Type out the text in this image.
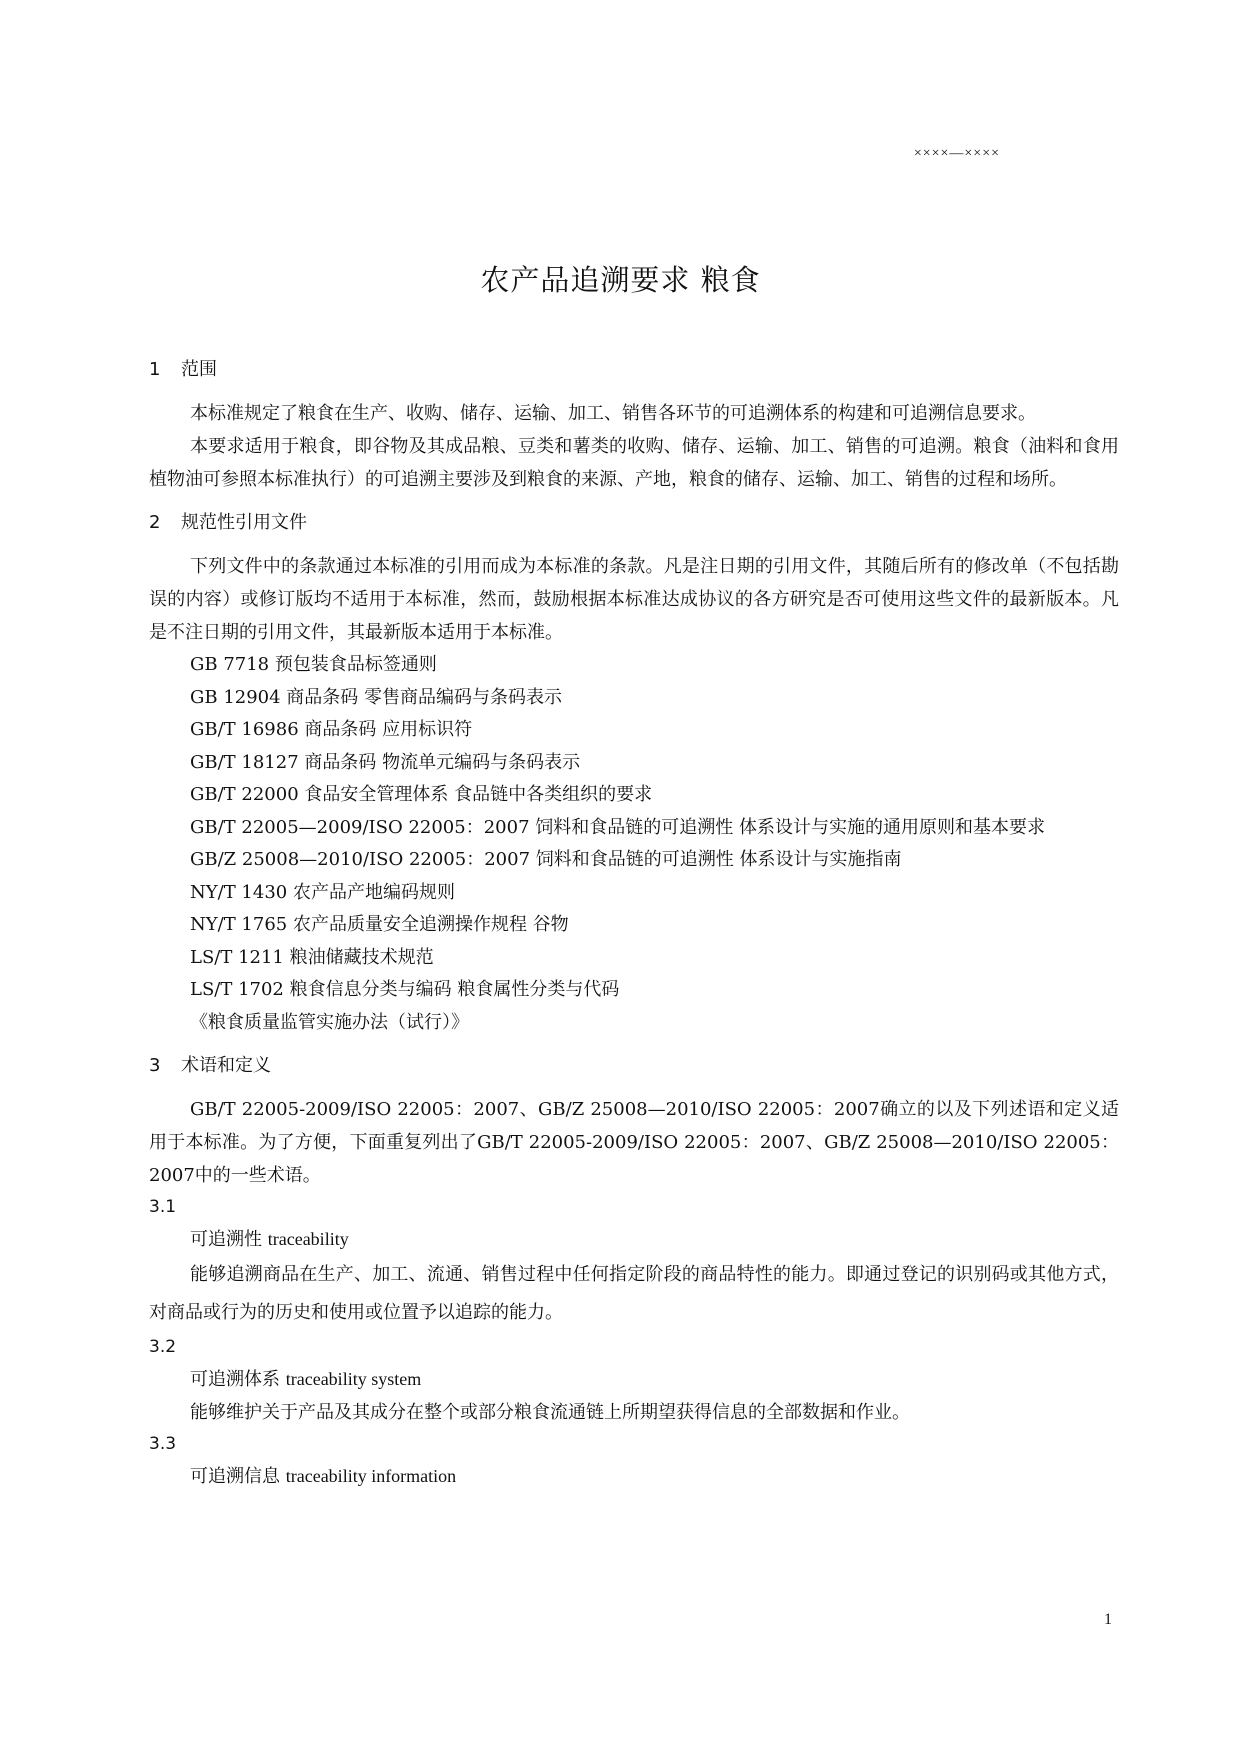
××××—××××
农产品追溯要求 粮食

1 范围

本标准规定了粮食在生产、收购、储存、运输、加工、销售各环节的可追溯体系的构建和可追溯信息要求。

本要求适用于粮食，即谷物及其成品粮、豆类和薯类的收购、储存、运输、加工、销售的可追溯。粮食（油料和食用植物油可参照本标准执行）的可追溯主要涉及到粮食的来源、产地，粮食的储存、运输、加工、销售的过程和场所。

2 规范性引用文件

下列文件中的条款通过本标准的引用而成为本标准的条款。凡是注日期的引用文件，其随后所有的修改单（不包括勘误的内容）或修订版均不适用于本标准，然而，鼓励根据本标准达成协议的各方研究是否可使用这些文件的最新版本。凡是不注日期的引用文件，其最新版本适用于本标准。

GB 7718 预包装食品标签通则
GB 12904 商品条码 零售商品编码与条码表示
GB/T 16986 商品条码 应用标识符
GB/T 18127 商品条码 物流单元编码与条码表示
GB/T 22000 食品安全管理体系 食品链中各类组织的要求
GB/T 22005—2009/ISO 22005：2007 饲料和食品链的可追溯性 体系设计与实施的通用原则和基本要求
GB/Z 25008—2010/ISO 22005：2007 饲料和食品链的可追溯性 体系设计与实施指南
NY/T 1430 农产品产地编码规则
NY/T 1765 农产品质量安全追溯操作规程 谷物
LS/T 1211 粮油储藏技术规范
LS/T 1702 粮食信息分类与编码 粮食属性分类与代码
《粮食质量监管实施办法（试行）》

3 术语和定义

GB/T 22005-2009/ISO 22005：2007、GB/Z 25008—2010/ISO 22005：2007确立的以及下列述语和定义适用于本标准。为了方便，下面重复列出了GB/T 22005-2009/ISO 22005：2007、GB/Z 25008—2010/ISO 22005：2007中的一些术语。

3.1

可追溯性 traceability

能够追溯商品在生产、加工、流通、销售过程中任何指定阶段的商品特性的能力。即通过登记的识别码或其他方式，对商品或行为的历史和使用或位置予以追踪的能力。

3.2

可追溯体系 traceability system

能够维护关于产品及其成分在整个或部分粮食流通链上所期望获得信息的全部数据和作业。

3.3

可追溯信息 traceability information

1
